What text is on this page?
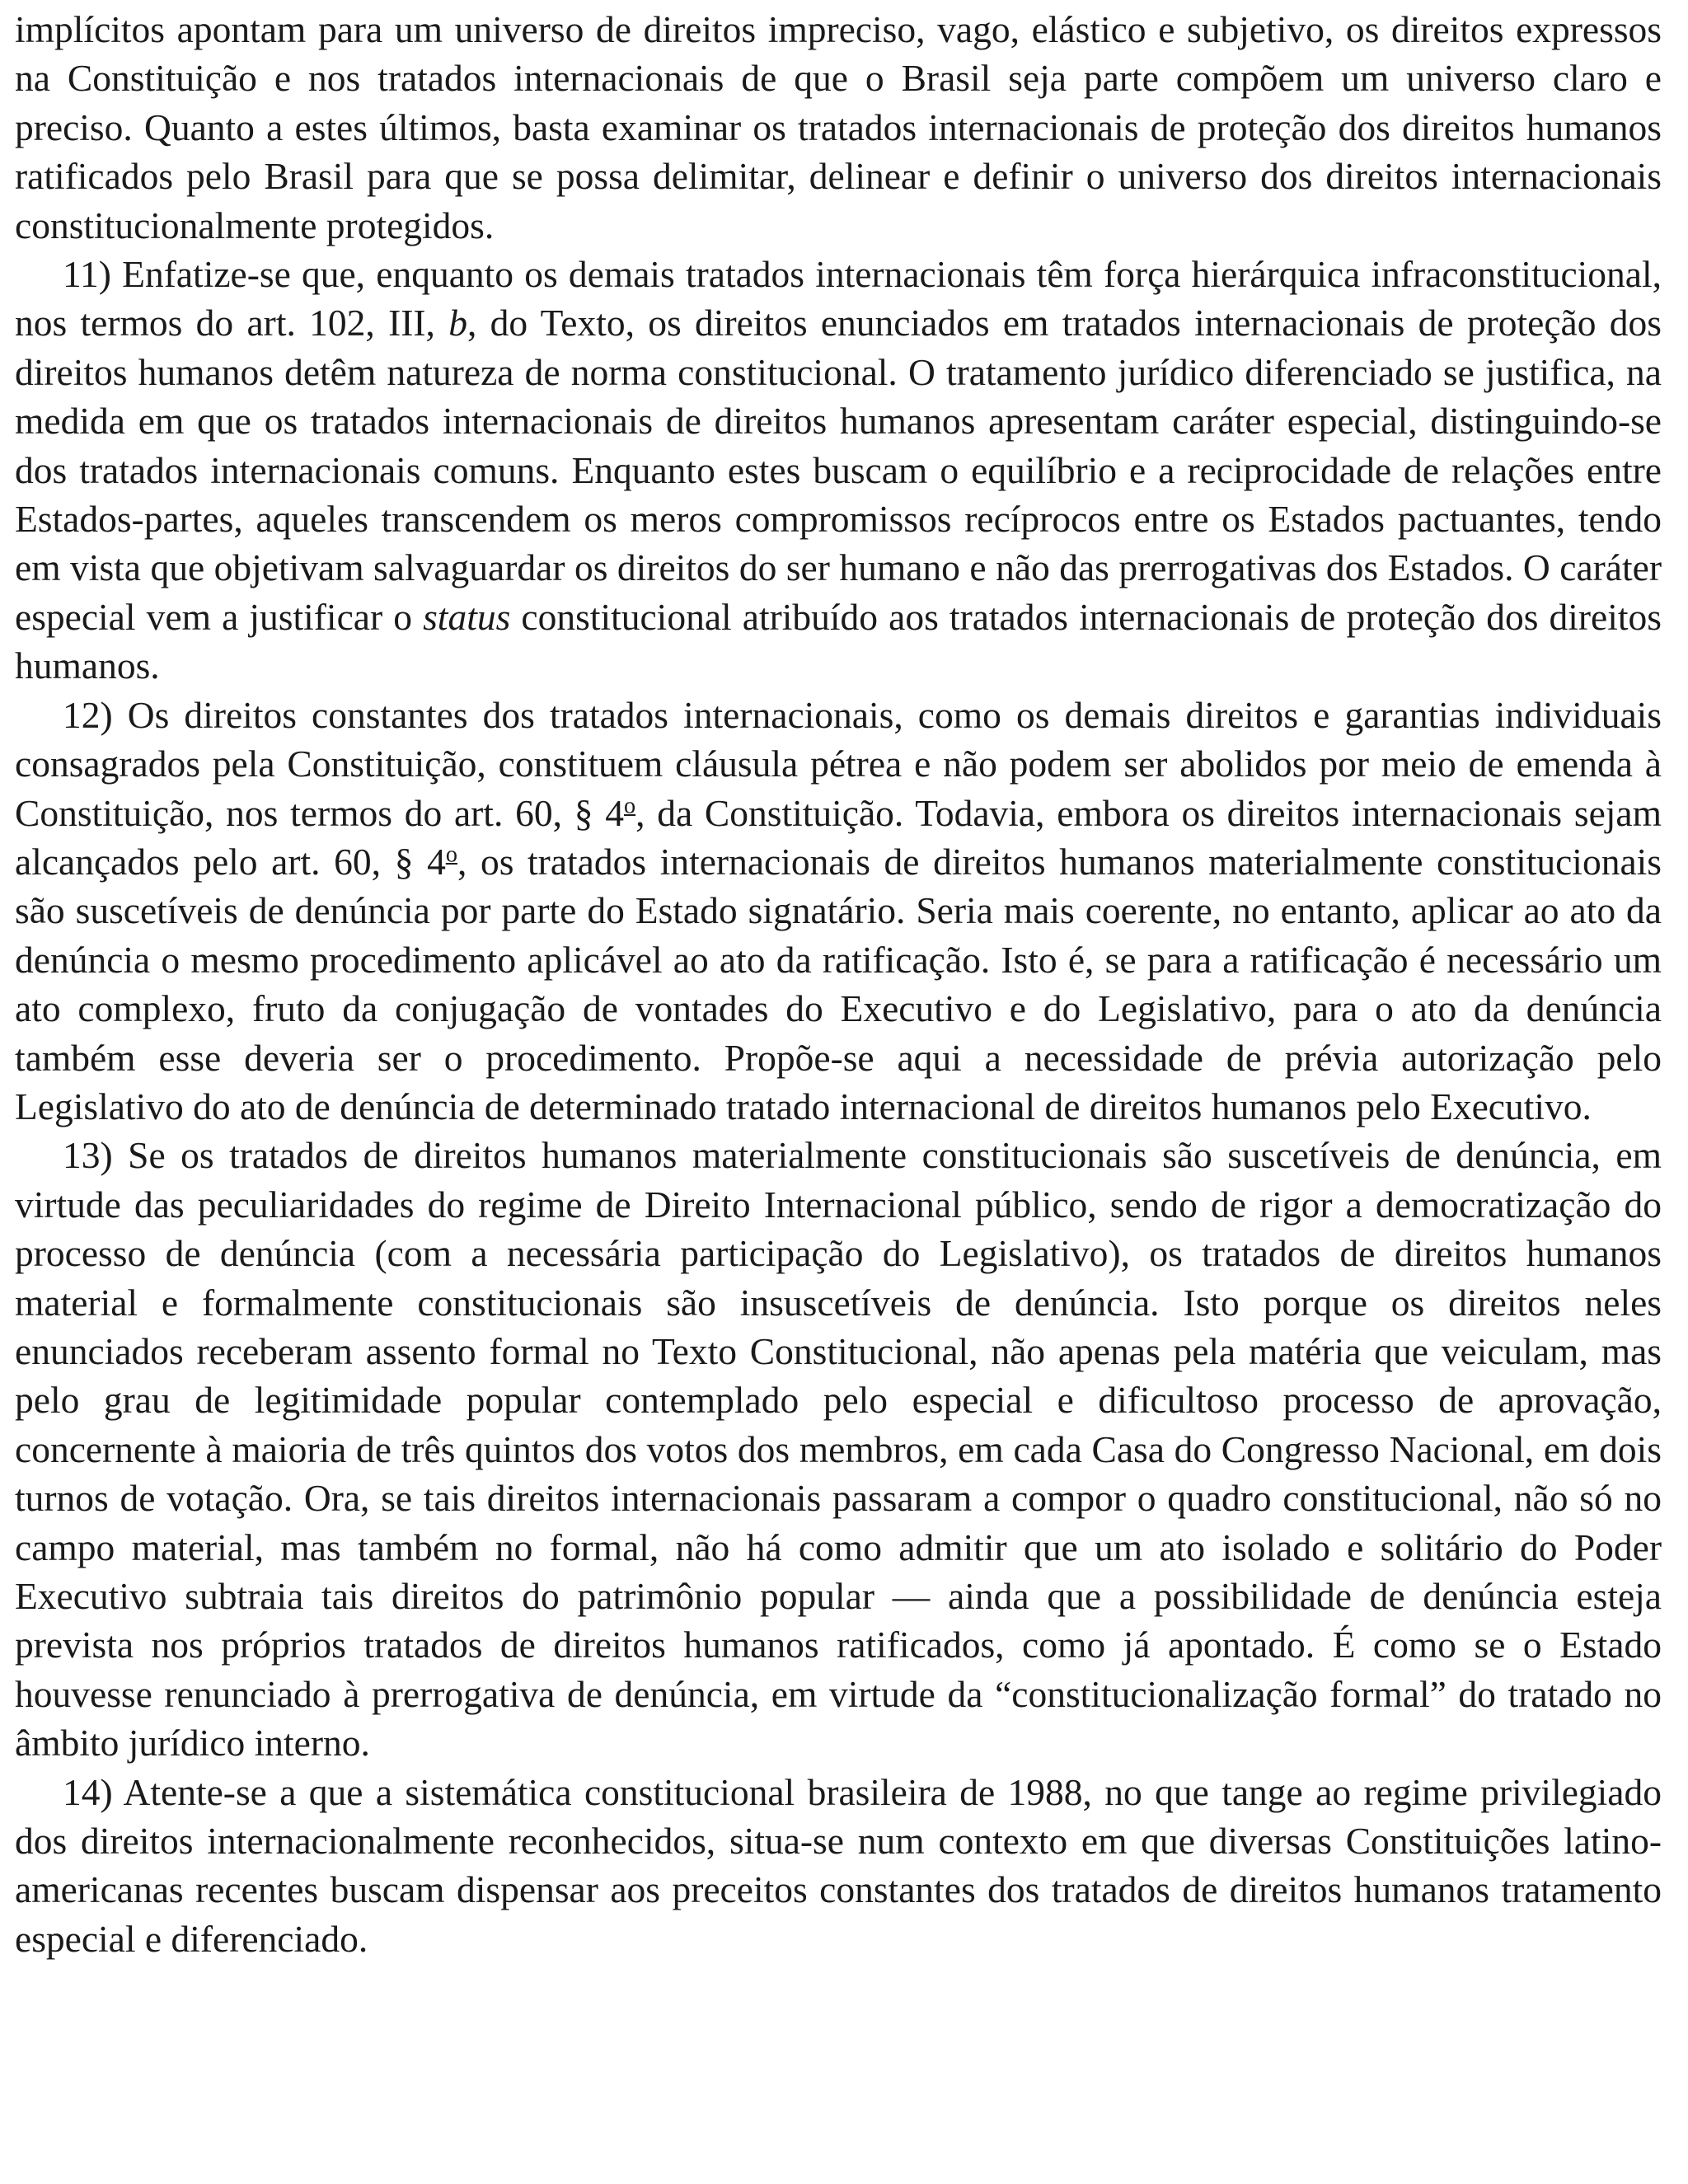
implícitos apontam para um universo de direitos impreciso, vago, elástico e subjetivo, os direitos expressos na Constituição e nos tratados internacionais de que o Brasil seja parte compõem um universo claro e preciso. Quanto a estes últimos, basta examinar os tratados internacionais de proteção dos direitos humanos ratificados pelo Brasil para que se possa delimitar, delinear e definir o universo dos direitos internacionais constitucionalmente protegidos.

11) Enfatize-se que, enquanto os demais tratados internacionais têm força hierárquica infraconstitucional, nos termos do art. 102, III, b, do Texto, os direitos enunciados em tratados internacionais de proteção dos direitos humanos detêm natureza de norma constitucional. O tratamento jurídico diferenciado se justifica, na medida em que os tratados internacionais de direitos humanos apresentam caráter especial, distinguindo-se dos tratados internacionais comuns. Enquanto estes buscam o equilíbrio e a reciprocidade de relações entre Estados-partes, aqueles transcendem os meros compromissos recíprocos entre os Estados pactuantes, tendo em vista que objetivam salvaguardar os direitos do ser humano e não das prerrogativas dos Estados. O caráter especial vem a justificar o status constitucional atribuído aos tratados internacionais de proteção dos direitos humanos.

12) Os direitos constantes dos tratados internacionais, como os demais direitos e garantias individuais consagrados pela Constituição, constituem cláusula pétrea e não podem ser abolidos por meio de emenda à Constituição, nos termos do art. 60, § 4$^o$, da Constituição. Todavia, embora os direitos internacionais sejam alcançados pelo art. 60, § 4$^o$, os tratados internacionais de direitos humanos materialmente constitucionais são suscetíveis de denúncia por parte do Estado signatário. Seria mais coerente, no entanto, aplicar ao ato da denúncia o mesmo procedimento aplicável ao ato da ratificação. Isto é, se para a ratificação é necessário um ato complexo, fruto da conjugação de vontades do Executivo e do Legislativo, para o ato da denúncia também esse deveria ser o procedimento. Propõe-se aqui a necessidade de prévia autorização pelo Legislativo do ato de denúncia de determinado tratado internacional de direitos humanos pelo Executivo.

13) Se os tratados de direitos humanos materialmente constitucionais são suscetíveis de denúncia, em virtude das peculiaridades do regime de Direito Internacional público, sendo de rigor a democratização do processo de denúncia (com a necessária participação do Legislativo), os tratados de direitos humanos material e formalmente constitucionais são insuscetíveis de denúncia. Isto porque os direitos neles enunciados receberam assento formal no Texto Constitucional, não apenas pela matéria que veiculam, mas pelo grau de legitimidade popular contemplado pelo especial e dificultoso processo de aprovação, concernente à maioria de três quintos dos votos dos membros, em cada Casa do Congresso Nacional, em dois turnos de votação. Ora, se tais direitos internacionais passaram a compor o quadro constitucional, não só no campo material, mas também no formal, não há como admitir que um ato isolado e solitário do Poder Executivo subtraia tais direitos do patrimônio popular — ainda que a possibilidade de denúncia esteja prevista nos próprios tratados de direitos humanos ratificados, como já apontado. É como se o Estado houvesse renunciado à prerrogativa de denúncia, em virtude da “constitucionalização formal” do tratado no âmbito jurídico interno.

14) Atente-se a que a sistemática constitucional brasileira de 1988, no que tange ao regime privilegiado dos direitos internacionalmente reconhecidos, situa-se num contexto em que diversas Constituições latino-americanas recentes buscam dispensar aos preceitos constantes dos tratados de direitos humanos tratamento especial e diferenciado.
